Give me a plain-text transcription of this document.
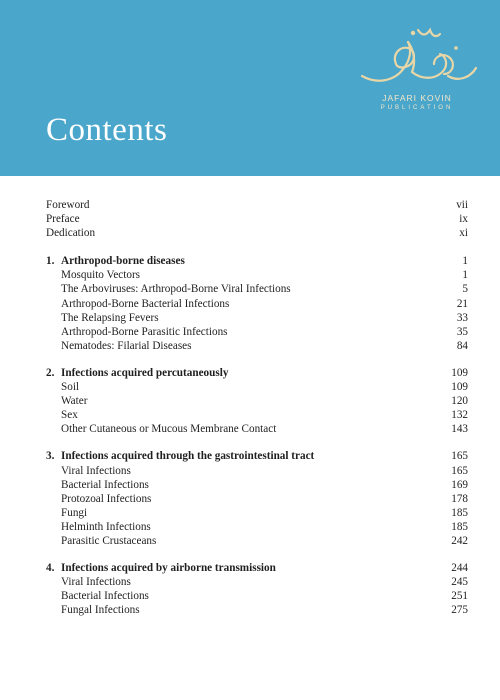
JAFARI KOVIN
PUBLICATION
Contents
Foreword	vii
Preface	ix
Dedication	xi
1. Arthropod-borne diseases	1
Mosquito Vectors	1
The Arboviruses: Arthropod-Borne Viral Infections	5
Arthropod-Borne Bacterial Infections	21
The Relapsing Fevers	33
Arthropod-Borne Parasitic Infections	35
Nematodes: Filarial Diseases	84
2. Infections acquired percutaneously	109
Soil	109
Water	120
Sex	132
Other Cutaneous or Mucous Membrane Contact	143
3. Infections acquired through the gastrointestinal tract	165
Viral Infections	165
Bacterial Infections	169
Protozoal Infections	178
Fungi	185
Helminth Infections	185
Parasitic Crustaceans	242
4. Infections acquired by airborne transmission	244
Viral Infections	245
Bacterial Infections	251
Fungal Infections	275
